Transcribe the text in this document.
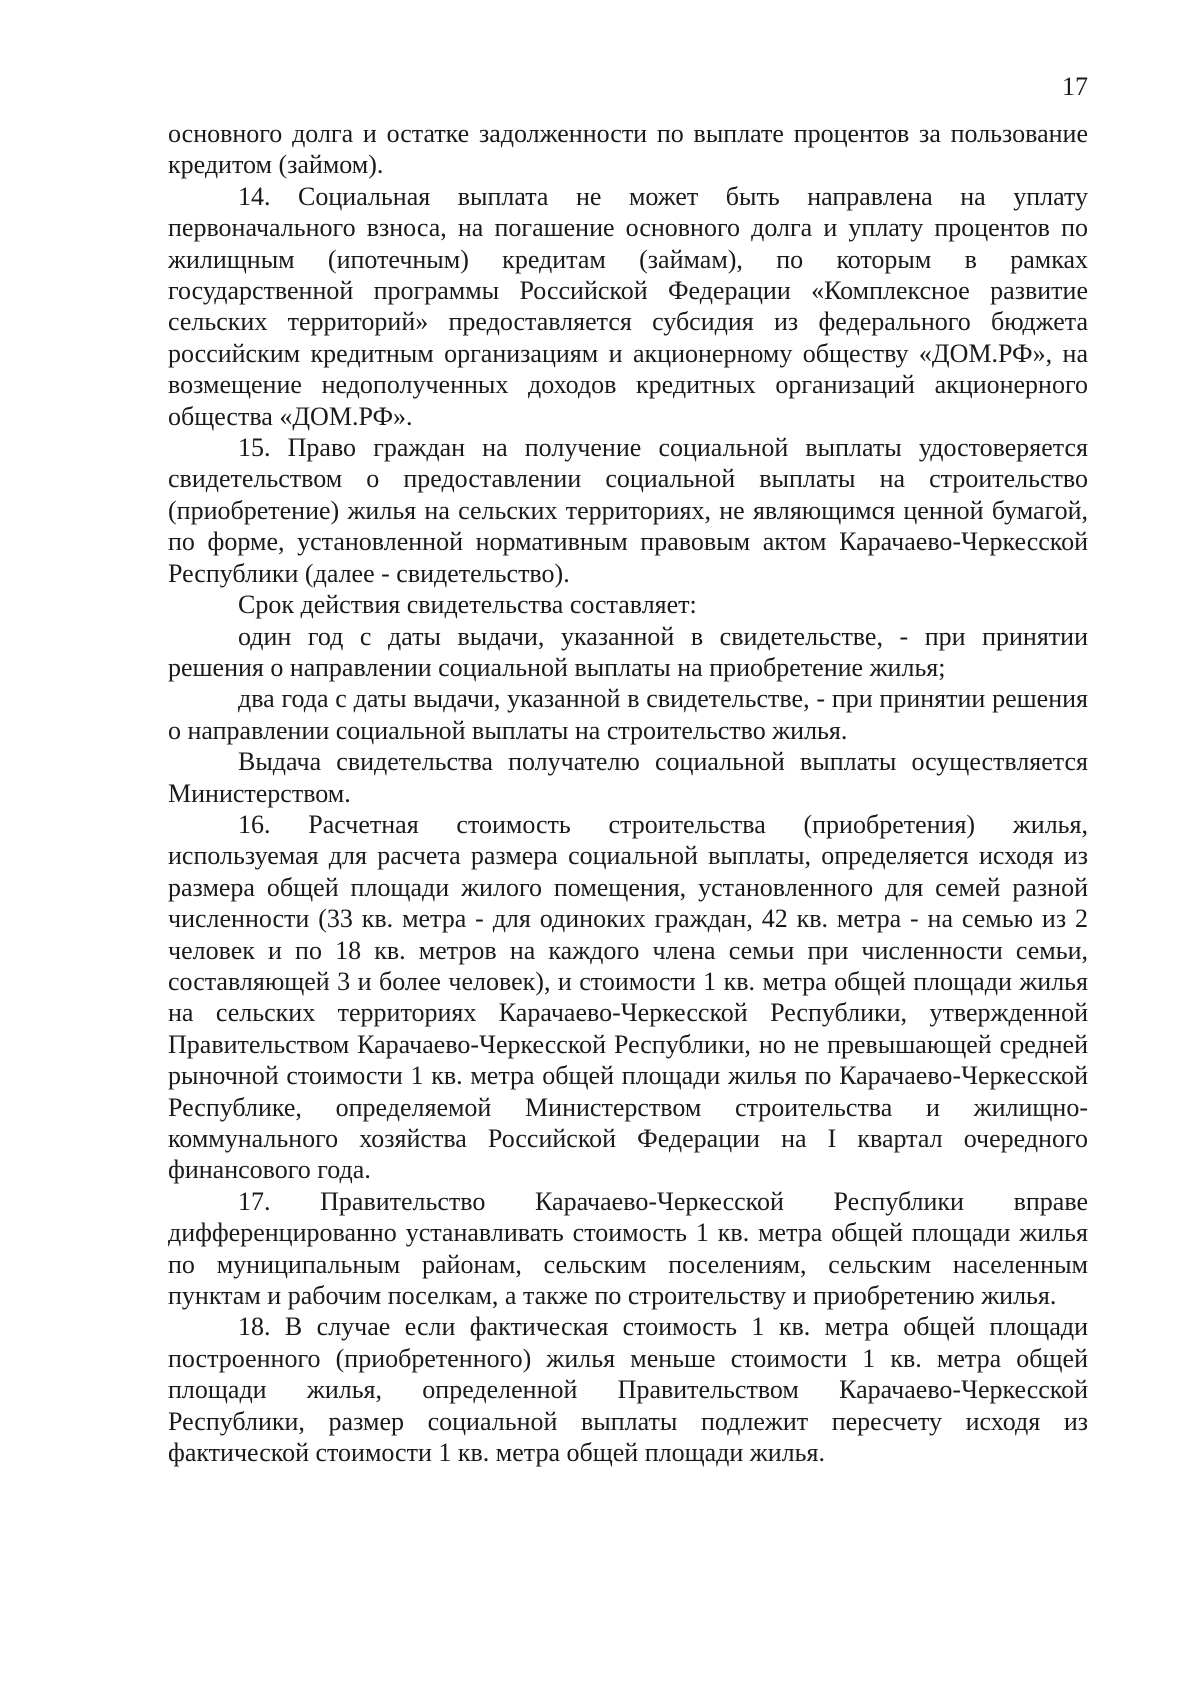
17

основного долга и остатке задолженности по выплате процентов за пользование кредитом (займом).

14. Социальная выплата не может быть направлена на уплату первоначального взноса, на погашение основного долга и уплату процентов по жилищным (ипотечным) кредитам (займам), по которым в рамках государственной программы Российской Федерации «Комплексное развитие сельских территорий» предоставляется субсидия из федерального бюджета российским кредитным организациям и акционерному обществу «ДОМ.РФ», на возмещение недополученных доходов кредитных организаций акционерного общества «ДОМ.РФ».

15. Право граждан на получение социальной выплаты удостоверяется свидетельством о предоставлении социальной выплаты на строительство (приобретение) жилья на сельских территориях, не являющимся ценной бумагой, по форме, установленной нормативным правовым актом Карачаево-Черкесской Республики (далее - свидетельство).

Срок действия свидетельства составляет:

один год с даты выдачи, указанной в свидетельстве, - при принятии решения о направлении социальной выплаты на приобретение жилья;

два года с даты выдачи, указанной в свидетельстве, - при принятии решения о направлении социальной выплаты на строительство жилья.

Выдача свидетельства получателю социальной выплаты осуществляется Министерством.

16. Расчетная стоимость строительства (приобретения) жилья, используемая для расчета размера социальной выплаты, определяется исходя из размера общей площади жилого помещения, установленного для семей разной численности (33 кв. метра - для одиноких граждан, 42 кв. метра - на семью из 2 человек и по 18 кв. метров на каждого члена семьи при численности семьи, составляющей 3 и более человек), и стоимости 1 кв. метра общей площади жилья на сельских территориях Карачаево-Черкесской Республики, утвержденной Правительством Карачаево-Черкесской Республики, но не превышающей средней рыночной стоимости 1 кв. метра общей площади жилья по Карачаево-Черкесской Республике, определяемой Министерством строительства и жилищно-коммунального хозяйства Российской Федерации на I квартал очередного финансового года.

17. Правительство Карачаево-Черкесской Республики вправе дифференцированно устанавливать стоимость 1 кв. метра общей площади жилья по муниципальным районам, сельским поселениям, сельским населенным пунктам и рабочим поселкам, а также по строительству и приобретению жилья.

18. В случае если фактическая стоимость 1 кв. метра общей площади построенного (приобретенного) жилья меньше стоимости 1 кв. метра общей площади жилья, определенной Правительством Карачаево-Черкесской Республики, размер социальной выплаты подлежит пересчету исходя из фактической стоимости 1 кв. метра общей площади жилья.
